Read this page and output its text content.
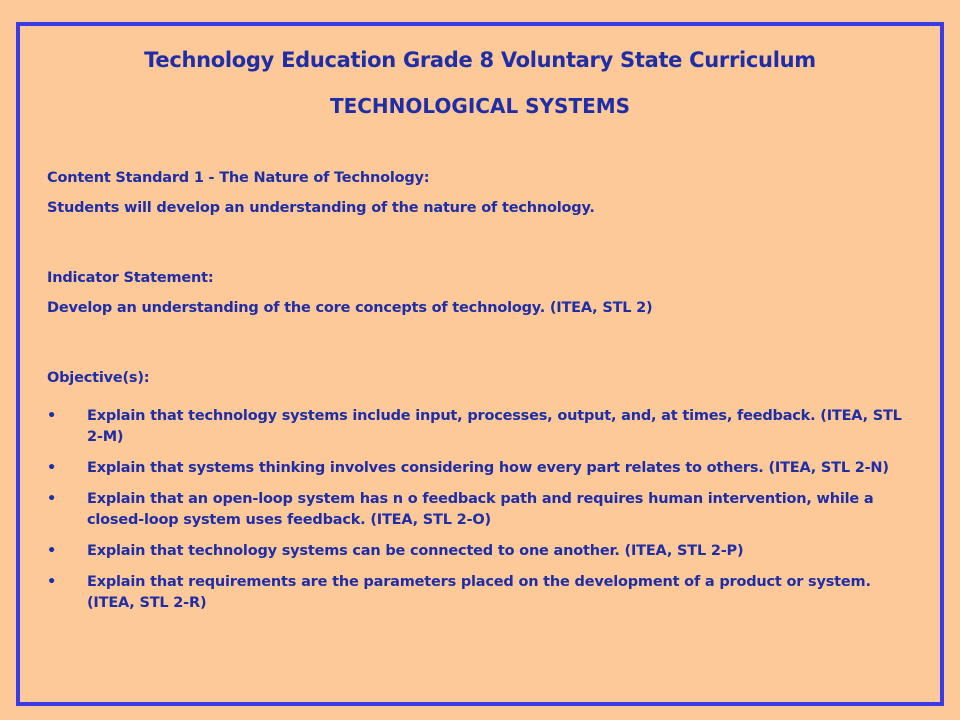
Technology Education Grade 8 Voluntary State Curriculum
TECHNOLOGICAL SYSTEMS

Content Standard 1 - The Nature of Technology:

Students will develop an understanding of the nature of technology.

Indicator Statement:

Develop an understanding of the core concepts of technology. (ITEA, STL 2)

Objective(s):

• Explain that technology systems include input, processes, output, and, at times, feedback. (ITEA, STL 2-M)
• Explain that systems thinking involves considering how every part relates to others. (ITEA, STL 2-N)
• Explain that an open-loop system has n o feedback path and requires human intervention, while a closed-loop system uses feedback. (ITEA, STL 2-O)
• Explain that technology systems can be connected to one another. (ITEA, STL 2-P)
• Explain that requirements are the parameters placed on the development of a product or system. (ITEA, STL 2-R)
